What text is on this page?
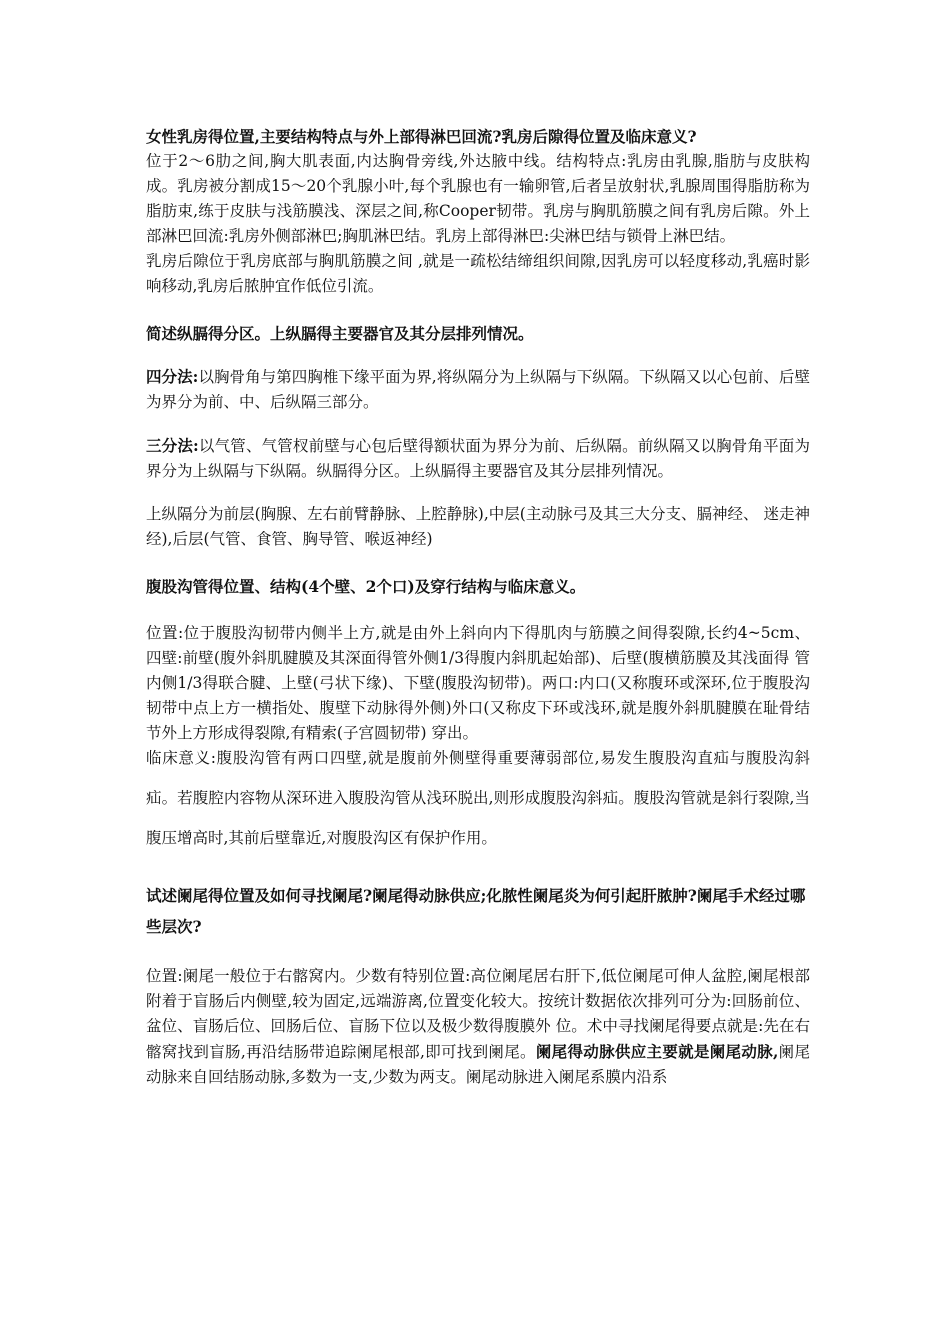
女性乳房得位置,主要结构特点与外上部得淋巴回流?乳房后隙得位置及临床意义?

位于2～6肋之间,胸大肌表面,内达胸骨旁线,外达腋中线。结构特点:乳房由乳腺,脂肪与皮肤构成。乳房被分割成15～20个乳腺小叶,每个乳腺也有一输卵管,后者呈放射状,乳腺周围得脂肪称为脂肪束,练于皮肤与浅筋膜浅、深层之间,称Cooper韧带。乳房与胸肌筋膜之间有乳房后隙。外上部淋巴回流:乳房外侧部淋巴;胸肌淋巴结。乳房上部得淋巴:尖淋巴结与锁骨上淋巴结。

乳房后隙位于乳房底部与胸肌筋膜之间 ,就是一疏松结缔组织间隙,因乳房可以轻度移动,乳癌时影响移动,乳房后脓肿宜作低位引流。

简述纵膈得分区。上纵膈得主要器官及其分层排列情况。

四分法:以胸骨角与第四胸椎下缘平面为界,将纵隔分为上纵隔与下纵隔。下纵隔又以心包前、后壁为界分为前、中、后纵隔三部分。

三分法:以气管、气管杈前壁与心包后壁得额状面为界分为前、后纵隔。前纵隔又以胸骨角平面为界分为上纵隔与下纵隔。纵膈得分区。上纵膈得主要器官及其分层排列情况。

上纵隔分为前层(胸腺、左右前臂静脉、上腔静脉),中层(主动脉弓及其三大分支、膈神经、 迷走神经),后层(气管、食管、胸导管、喉返神经)

腹股沟管得位置、结构(4个壁、2个口)及穿行结构与临床意义。

位置:位于腹股沟韧带内侧半上方,就是由外上斜向内下得肌肉与筋膜之间得裂隙,长约4~5cm、 四壁:前壁(腹外斜肌腱膜及其深面得管外侧1/3得腹内斜肌起始部)、后壁(腹横筋膜及其浅面得 管内侧1/3得联合腱、上壁(弓状下缘)、下壁(腹股沟韧带)。两口:内口(又称腹环或深环,位于腹股沟韧带中点上方一横指处、腹壁下动脉得外侧)外口(又称皮下环或浅环,就是腹外斜肌腱膜在耻骨结节外上方形成得裂隙,有精索(子宫圆韧带) 穿出。

临床意义:腹股沟管有两口四壁,就是腹前外侧壁得重要薄弱部位,易发生腹股沟直疝与腹股沟斜疝。若腹腔内容物从深环进入腹股沟管从浅环脱出,则形成腹股沟斜疝。腹股沟管就是斜行裂隙,当腹压增高时,其前后壁靠近,对腹股沟区有保护作用。

试述阑尾得位置及如何寻找阑尾?阑尾得动脉供应;化脓性阑尾炎为何引起肝脓肿?阑尾手术经过哪些层次?

位置:阑尾一般位于右髂窝内。少数有特别位置:高位阑尾居右肝下,低位阑尾可伸人盆腔,阑尾根部附着于盲肠后内侧壁,较为固定,远端游离,位置变化较大。按统计数据依次排列可分为:回肠前位、盆位、盲肠后位、回肠后位、盲肠下位以及极少数得腹膜外 位。术中寻找阑尾得要点就是:先在右髂窝找到盲肠,再沿结肠带追踪阑尾根部,即可找到阑尾。阑尾得动脉供应主要就是阑尾动脉,阑尾动脉来自回结肠动脉,多数为一支,少数为两支。阑尾动脉进入阑尾系膜内沿系
